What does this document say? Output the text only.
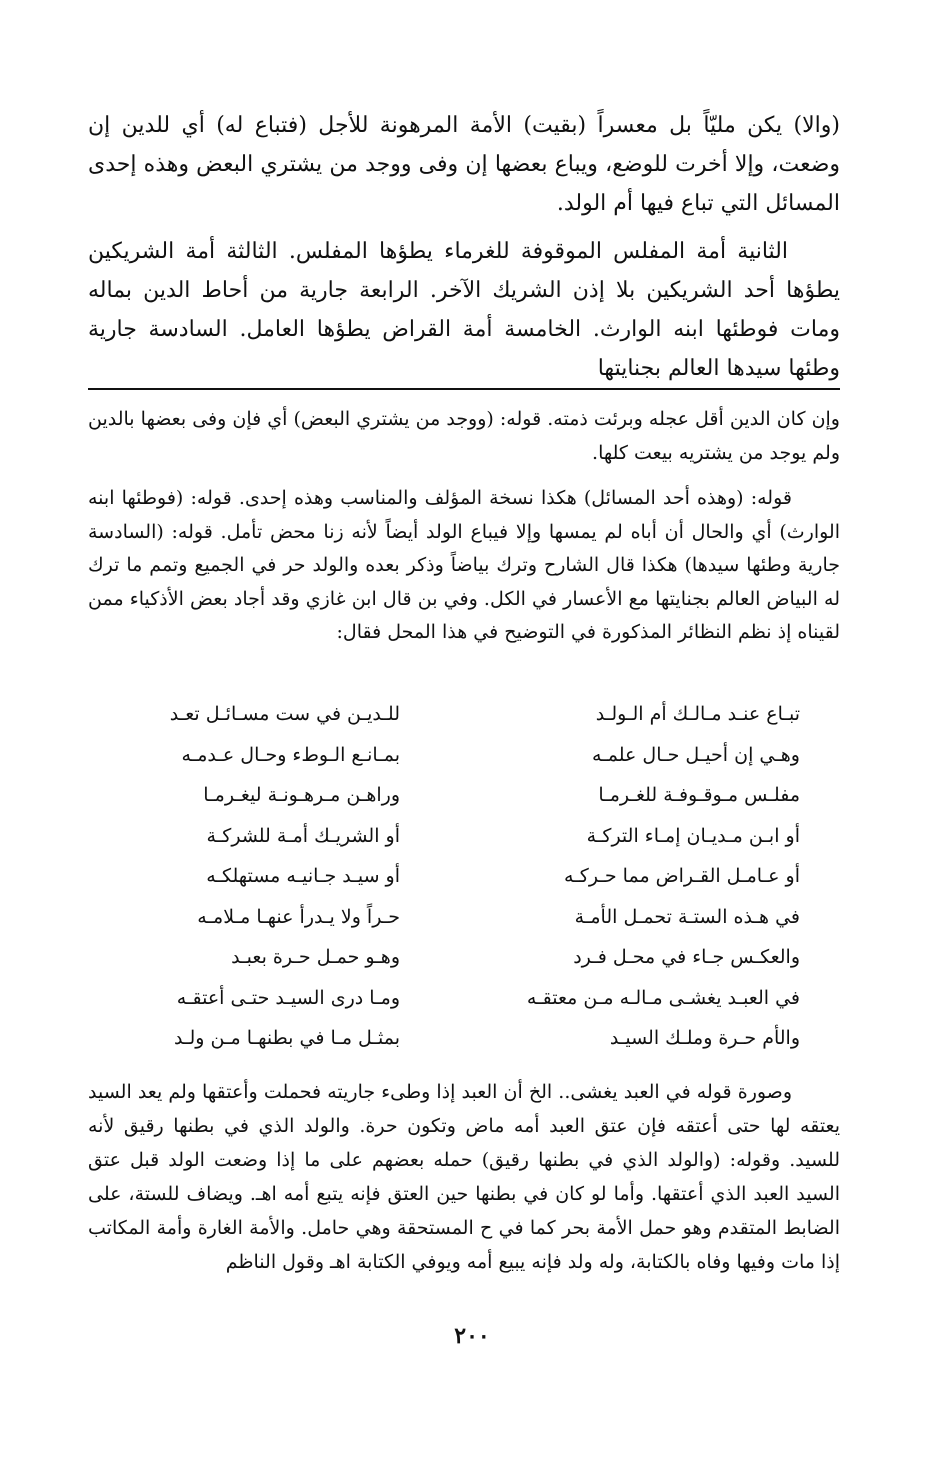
(والا) يكن مليّاً بل معسراً (بقيت) الأمة المرهونة للأجل (فتباع له) أي للدين إن وضعت، وإلا أخرت للوضع، ويباع بعضها إن وفى ووجد من يشتري البعض وهذه إحدى المسائل التي تباع فيها أم الولد.

الثانية أمة المفلس الموقوفة للغرماء يطؤها المفلس. الثالثة أمة الشريكين يطؤها أحد الشريكين بلا إذن الشريك الآخر. الرابعة جارية من أحاط الدين بماله ومات فوطئها ابنه الوارث. الخامسة أمة القراض يطؤها العامل. السادسة جارية وطئها سيدها العالم بجنايتها

وإن كان الدين أقل عجله وبرئت ذمته. قوله: (ووجد من يشتري البعض) أي فإن وفى بعضها بالدين ولم يوجد من يشتريه بيعت كلها.

قوله: (وهذه أحد المسائل) هكذا نسخة المؤلف والمناسب وهذه إحدى. قوله: (فوطئها ابنه الوارث) أي والحال أن أباه لم يمسها وإلا فيباع الولد أيضاً لأنه زنا محض تأمل. قوله: (السادسة جارية وطئها سيدها) هكذا قال الشارح وترك بياضاً وذكر بعده والولد حر في الجميع وتمم ما ترك له البياض العالم بجنايتها مع الأعسار في الكل. وفي بن قال ابن غازي وقد أجاد بعض الأذكياء ممن لقيناه إذ نظم النظائر المذكورة في التوضيح في هذا المحل فقال:

تبـاع عنـد مـالـك أم الـولـد
للـديـن في ست مسـائـل تعـد
وهـي إن أحيـل حـال علمـه
بمـانـع الـوطء وحـال عـدمـه
مفلـس مـوقـوفـة للغـرمـا
وراهـن مـرهـونـة ليغـرمـا
أو ابـن مـديـان إمـاء التركـة
أو الشريـك أمـة للشركـة
أو عـامـل القـراض مما حـركـه
أو سيـد جـانيـه مستهلكـه
في هـذه الستـة تحمـل الأمـة
حـراً ولا يـدرأ عنهـا مـلامـه
والعكـس جـاء في محـل فـرد
وهـو حمـل حـرة بعبـد
في العبـد يغشـى مـالـه مـن معتقـه
ومـا درى السيـد حتـى أعتقـه
والأم حـرة وملـك السيـد
بمثـل مـا في بطنهـا مـن ولـد

وصورة قوله في العبد يغشى.. الخ أن العبد إذا وطىء جاريته فحملت وأعتقها ولم يعد السيد يعتقه لها حتى أعتقه فإن عتق العبد أمه ماض وتكون حرة. والولد الذي في بطنها رقيق لأنه للسيد. وقوله: (والولد الذي في بطنها رقيق) حمله بعضهم على ما إذا وضعت الولد قبل عتق السيد العبد الذي أعتقها. وأما لو كان في بطنها حين العتق فإنه يتبع أمه اهـ. ويضاف للستة، على الضابط المتقدم وهو حمل الأمة بحر كما في ح المستحقة وهي حامل. والأمة الغارة وأمة المكاتب إذا مات وفيها وفاه بالكتابة، وله ولد فإنه يبيع أمه ويوفي الكتابة اهـ وقول الناظم

٢٠٠
